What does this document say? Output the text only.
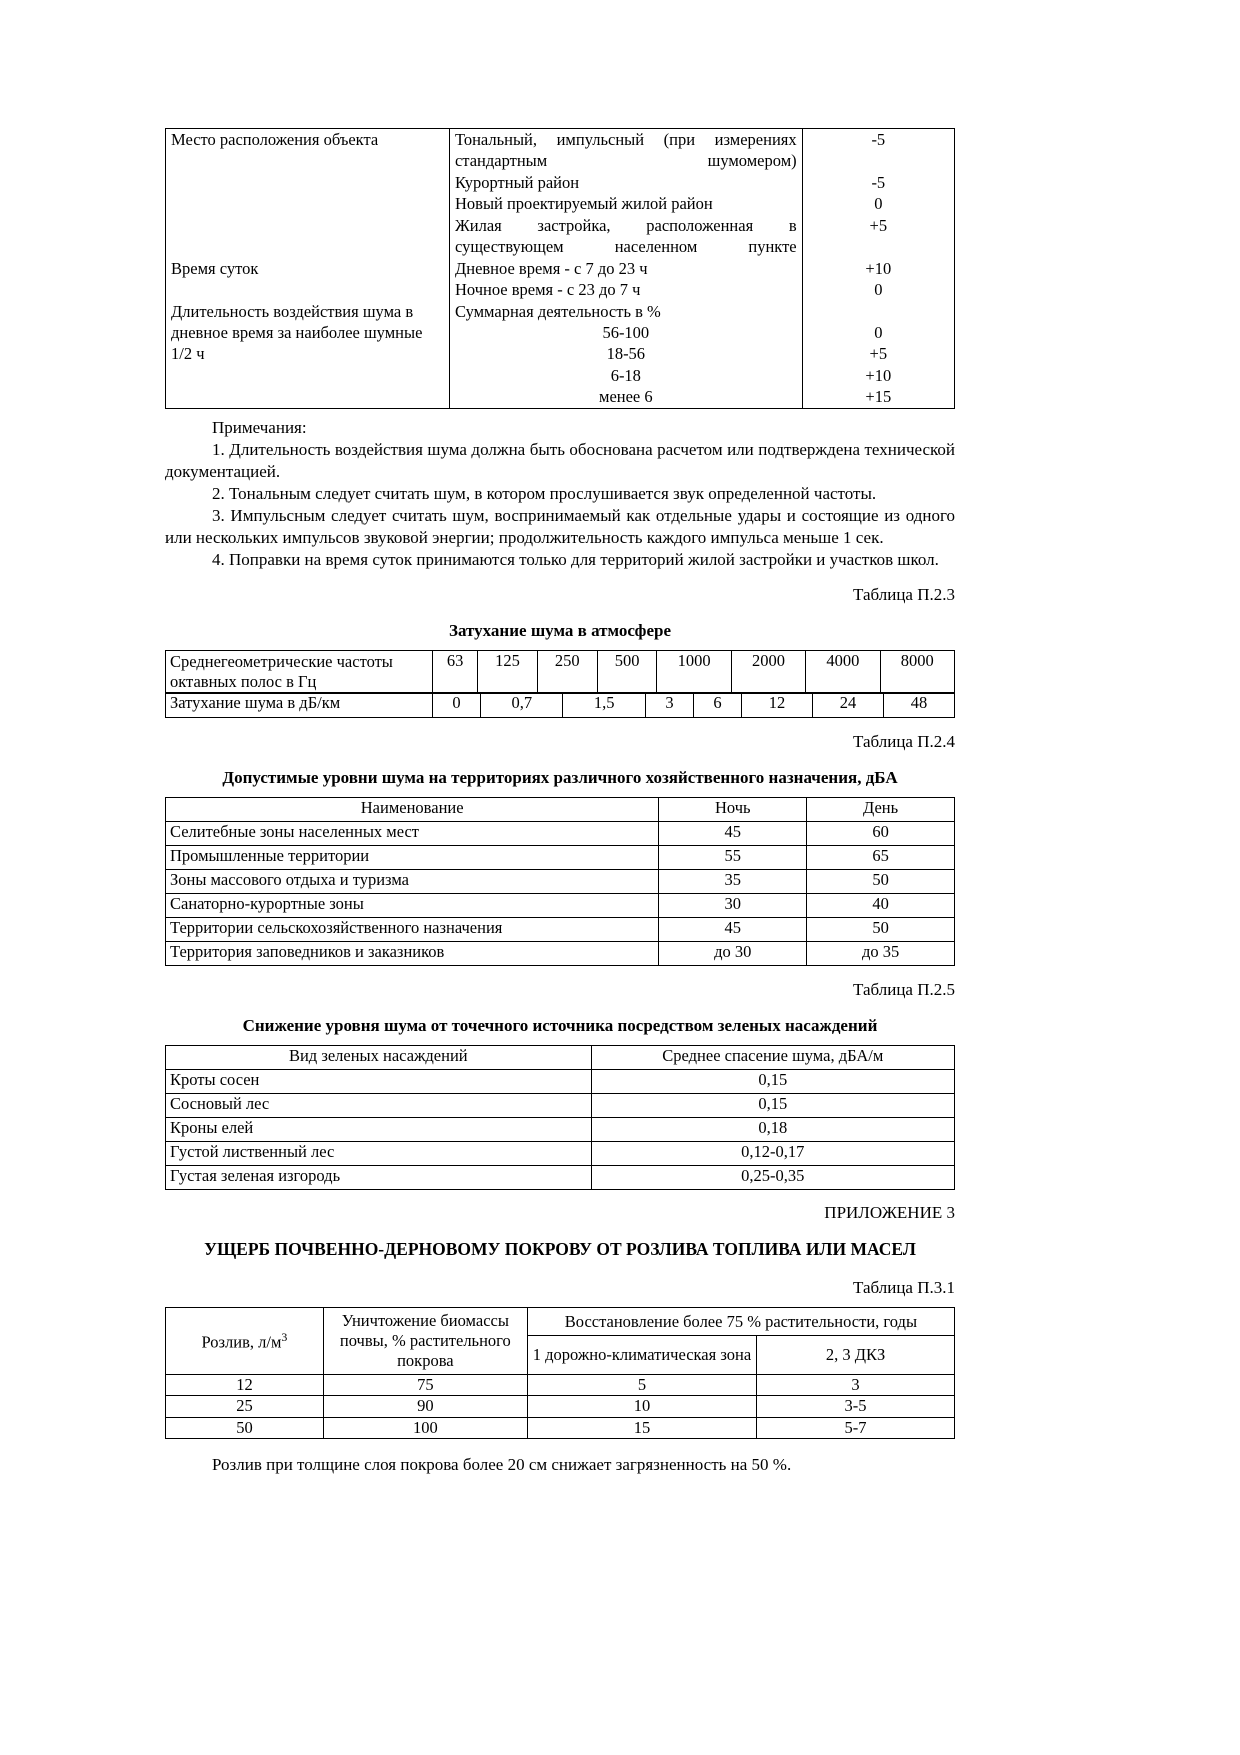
Место расположения объекта	Тональный, импульсный (при измерениях стандартным шумомером)	-5
	Курортный район	-5
	Новый проектируемый жилой район	0
	Жилая застройка, расположенная в существующем населенном пункте	+5
Время суток	Дневное время - с 7 до 23 ч	+10
	Ночное время - с 23 до 7 ч	0
Длительность воздействия шума в дневное время за наиболее шумные 1/2 ч	Суммарная деятельность в %	
	56-100	0
	18-56	+5
	6-18	+10
	менее 6	+15

Примечания:

1. Длительность воздействия шума должна быть обоснована расчетом или подтверждена технической документацией.

2. Тональным следует считать шум, в котором прослушивается звук определенной частоты.

3. Импульсным следует считать шум, воспринимаемый как отдельные удары и состоящие из одного или нескольких импульсов звуковой энергии; продолжительность каждого импульса меньше 1 сек.

4. Поправки на время суток принимаются только для территорий жилой застройки и участков школ.

Таблица П.2.3
Затухание шума в атмосфере
Среднегеометрические частоты октавных полос в Гц	63	125	250	500	1000	2000	4000	8000
Затухание шума в дБ/км	0	0,7	1,5	3	6	12	24	48
Таблица П.2.4
Допустимые уровни шума на территориях различного хозяйственного назначения, дБА
Наименование	Ночь	День
Селитебные зоны населенных мест	45	60
Промышленные территории	55	65
Зоны массового отдыха и туризма	35	50
Санаторно-курортные зоны	30	40
Территории сельскохозяйственного назначения	45	50
Территория заповедников и заказников	до 30	до 35
Таблица П.2.5
Снижение уровня шума от точечного источника посредством зеленых насаждений
Вид зеленых насаждений	Среднее спасение шума, дБА/м
Кроты сосен	0,15
Сосновый лес	0,15
Кроны елей	0,18
Густой лиственный лес	0,12-0,17
Густая зеленая изгородь	0,25-0,35
ПРИЛОЖЕНИЕ 3
УЩЕРБ ПОЧВЕННО-ДЕРНОВОМУ ПОКРОВУ ОТ РОЗЛИВА ТОПЛИВА ИЛИ МАСЕЛ
Таблица П.3.1
Розлив, $л/м^3$	Уничтожение биомассы почвы, % растительного покрова	Восстановление более 75 % растительности, годы	
		1 дорожно-климатическая зона	2, 3 ДКЗ
12	75	5	3
25	90	10	3-5
50	100	15	5-7
Розлив при толщине слоя покрова более 20 см снижает загрязненность на 50 %.
